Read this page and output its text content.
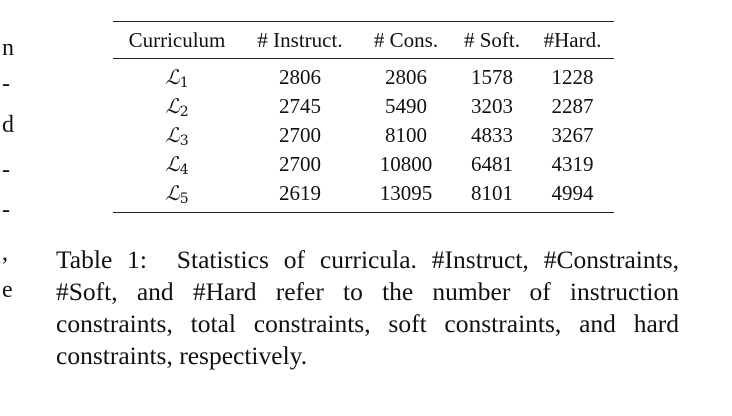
n
-
d
-
-
,
e
Curriculum	# Instruct.	# Cons.	# Soft.	#Hard.
ℒ$_1$	2806	2806	1578	1228
ℒ$_2$	2745	5490	3203	2287
ℒ$_3$	2700	8100	4833	3267
ℒ$_4$	2700	10800	6481	4319
ℒ$_5$	2619	13095	8101	4994
Table 1: Statistics of curricula. #Instruct, #Constraints, #Soft, and #Hard refer to the number of instruction constraints, total constraints, soft constraints, and hard constraints, respectively.
